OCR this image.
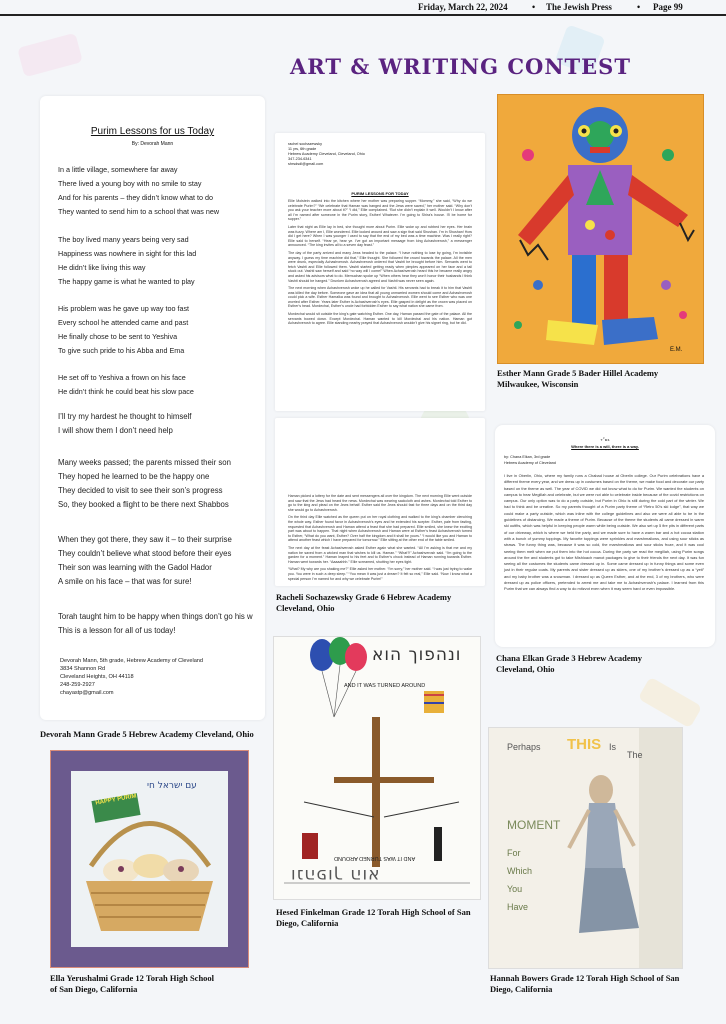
Friday, March 22, 2024	• The Jewish Press	• Page 99
ART & WRITING CONTEST
Purim Lessons for us Today
By: Devorah Mann
In a little village, somewhere far away
There lived a young boy with no smile to stay
And for his parents – they didn’t know what to do
They wanted to send him to a school that was new
The boy lived many years being very sad
Happiness was nowhere in sight for this lad
He didn’t like living this way
The happy game is what he wanted to play
His problem was he gave up way too fast
Every school he attended came and past
He finally chose to be sent to Yeshiva
To give such pride to his Abba and Ema
He set off to Yeshiva a frown on his face
He didn’t think he could beat his slow pace
I’ll try my hardest he thought to himself
I will show them I don’t need help
Many weeks passed; the parents missed their son
They hoped he learned to be the happy one
They decided to visit to see their son’s progress
So, they booked a flight to be there next Shabbos
When they got there, they saw it – to their surprise
They couldn’t believe what stood before their eyes
Their son was learning with the Gadol Hador
A smile on his face – that was for sure!
Torah taught him to be happy when things don’t go his w
This is a lesson for all of us today!
Devorah Mann, 5th grade, Hebrew Academy of Cleveland
3834 Shannon Rd
Cleveland Heights, OH 44118
248-259-2927
chayastp@gmail.com
Devorah Mann Grade 5 Hebrew Academy Cleveland, Ohio
rachel sochazewsky
11 yrs, 6th grade
Hebrew Academy Cleveland, Cleveland, Ohio
347-234-6341
shrsdsdl@gmail.com
PURIM LESSONS FOR TODAY

Ellie Molstein walked into the kitchen where her mother was preparing supper. “Mommy,” she said, “Why do we celebrate Purim?” “We celebrate that Haman was hanged and the Jews were saved,” her mother said. “Why don’t you ask your teacher more about it?” “I did,” Ellie complained. “But she didn’t explain it well. Wouldn’t I know after all I’m named after someone in the Purim story, Esther! Whatever. I’m going to Shira’s house. I’ll be home for supper.”

Later that night as Ellie lay in bed, she thought more about Purim. Ellie woke up and rubbed her eyes. Her brain was fuzzy. Where am I, Ellie wondered. Ellie looked around and saw a sign that said Shushan. I’m in Shushan! How did I get here? When I was younger I used to say that the end of my bed was a time machine. Was I really right? Ellie said to herself. “Hear ye, hear ye. I’ve got an important message from king Achashverosh,” a messenger announced. “The king invites all to a seven day feast.”

The day of the party arrived and many Jews headed to the palace. “I have nothing to lose by going, I’m invisible anyway. I guess my time machine did that,” Ellie thought. She followed the crowd towards the palace. All the men were drunk, especially Achashverosh. Achashverosh ordered that Vashti be brought before him. Servants went to fetch Vashti and Ellie followed them. Vashti started getting ready when pimples appeared on her face and a tail stuck out. Vashti saw herself and said “no way will I come!” When Achashverosh heard this he became really angry and asked his advisors what to do. Memuchan spoke up “When others hear they won’t honor their husbands I think Vashti should be hanged.” Drunken Achashverosh agreed and Vashti was never seen again.

The next morning when Achashverosh woke up he called for Vashti. His servants had to break it to him that Vashti was killed the day before. Someone gave an idea that all young unmarried women should come and Achashverosh could pick a wife. Esther Hamalka was found and brought to Achashverosh. Ellie went to see Esther who was one worried after Esther. Years later Esther is Achashverosh’s eyes. Ellie gasped in delight as the crown was placed on Esther’s head. Mordechai, Esther’s uncle had forbidden Esther to say what nation she came from.

Mordechai would sit outside the king’s gate watching Esther. One day, Haman passed the gate of the palace. All the servants bowed down. Except Mordechai. Haman wanted to kill Mordechai and his nation. Haman got Achashverosh to agree. Ellie standing nearby prayed that Achashverosh wouldn’t give his signet ring, but he did.

Haman picked a lottery for the date and sent messengers all over the kingdom. The next morning Ellie went outside and saw that the Jews had heard the news. Mordechai was wearing sackcloth and ashes. Mordechai told Esther to go to the king and plead on the Jews behalf. Esther said the Jews should fast for three days and on the third day she would go to Achashverosh.

On the third day Ellie watched as the queen put on her royal clothing and walked to the king’s chamber clenching the whole way. Esther found favor in Achashverosh’s eyes and he extended his scepter. Esther, pale from fasting, requested that Achashverosh and Haman attend a feast that she had prepared. Ellie smiled, she knew the exciting part was about to happen. That night when Achashverosh and Haman were at Esther’s feast Achashverosh turned to Esther, “What do you want, Esther? Over half the kingdom and it shall be yours.” “I would like you and Haman to attend another feast which I have prepared for tomorrow.” Ellie sitting at the other end of the table smiled.

The next day at the feast Achashverosh asked Esther again what she wanted. “All I’m asking is that me and my nation be saved from a wicked man that wishes to kill us. Haman.” “What?!” Achashverosh said. “I’m going to the garden for a moment.” Haman leaped to his feet and to Esther’s chock instead of Haman running towards Esther. Haman went towards her. “Aaaaahhh.” Ellie screamed, shutting her eyes tight.

“What? My why are you shaking me?” Ellie asked her mother. “I’m sorry,” her mother said. “I was just trying to wake you. You were in such a deep sleep.” “You mean it was just a dream? It felt so real,” Ellie said. “Now I know what a special person I’m named for and why we celebrate Purim!”

Racheli Sochazewsky Grade 6 Hebrew Academy
Cleveland, Ohio
E.M.
Esther Mann Grade 5 Bader Hillel Academy
Milwaukee, Wisconsin
בס”ד
Where there is a will, there is a way.
by: Chana Elkan, 3rd grade
Hebrew Academy of Cleveland

I live in Oberlin, Ohio, where my family runs a Chabad house at Oberlin college. Our Purim celebrations have a different theme every year, and we dress up in costumes based on the theme, we make food and decorate our party based on the theme as well. The year of COVID we did not know what to do for Purim. We wanted the students on campus to hear Megillah and celebrate, but we were not able to celebrate inside because of the covid restrictions on campus. Our only option was to do a party outside, but Purim in Ohio is still during the cold part of the winter. We had to think and be creative. So my parents thought of a Purim party theme of “Retro 50’s ski lodge”, that way we could make a party outside, which was inline with the college guidelines and also we were all able to be in the guidelines of distancing. We made a theme of Purim. Because of the theme the students all came dressed in warm ski outfits, which was helpful in keeping people warm while being outside. We also set up 5 fire pits in different parts of our driveway, which is where we held the party, and we made sure to have a warm bar and a hot cocoa station with a bunch of yummy toppings. My favorite toppings were sprinkles and marshmallows, and using sour sticks as straws. The funny thing was, because it was so cold, the marshmallows and sour sticks froze, and it was cool seeing them melt when we put them into the hot cocoa. During the party we read the megillah, using Purim songs around the fire and students got to take Mishloach manot packages to give to their friends the next day. It was fun seeing all the costumes the students came dressed up in. Some came dressed up in funny things and some even just in their regular coats. My parents and sister dressed up as skiers, one of my brother’s dressed up as a “yeti” and my baby brother was a snowman. I dressed up as Queen Esther, and at the end, 3 of my brothers, who were dressed up as police officers, pretended to arrest me and take me to Achashverosh’s palace. I learned from this Purim that we can always find a way to do mitzvot even when it may seem hard or even impossible.

Chana Elkan Grade 3 Hebrew Academy
Cleveland, Ohio
ונהפוך הוא
AND IT WAS TURNED AROUND
AND IT WAS TURNED AROUND
ונהפוך הוא
Hesed Finkelman Grade 12 Torah High School of San
Diego, California
HAPPY PURIM
עם ישראל חי
Ella Yerushalmi Grade 12 Torah High School
of San Diego, California
Perhaps THIS Is
The
MOMENT
For
Which
You
Have
Hannah Bowers Grade 12 Torah High School of San
Diego, California
